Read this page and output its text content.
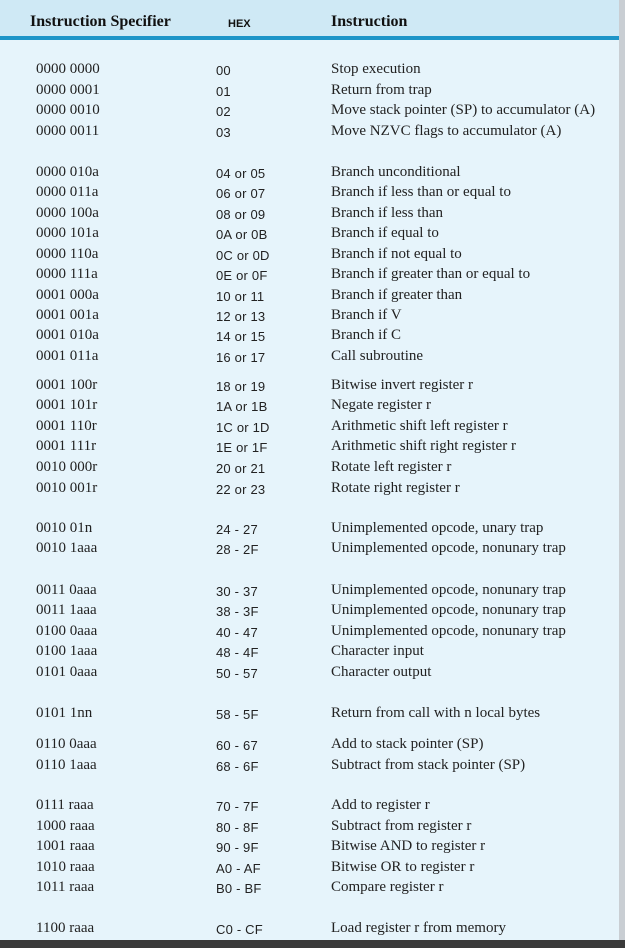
Instruction Specifier	HEX	Instruction
0000 0000	00	Stop execution
0000 0001	01	Return from trap
0000 0010	02	Move stack pointer (SP) to accumulator (A)
0000 0011	03	Move NZVC flags to accumulator (A)
0000 010a	04 or 05	Branch unconditional
0000 011a	06 or 07	Branch if less than or equal to
0000 100a	08 or 09	Branch if less than
0000 101a	0A or 0B	Branch if equal to
0000 110a	0C or 0D	Branch if not equal to
0000 111a	0E or 0F	Branch if greater than or equal to
0001 000a	10 or 11	Branch if greater than
0001 001a	12 or 13	Branch if V
0001 010a	14 or 15	Branch if C
0001 011a	16 or 17	Call subroutine
0001 100r	18 or 19	Bitwise invert register r
0001 101r	1A or 1B	Negate register r
0001 110r	1C or 1D	Arithmetic shift left register r
0001 111r	1E or 1F	Arithmetic shift right register r
0010 000r	20 or 21	Rotate left register r
0010 001r	22 or 23	Rotate right register r
0010 01n	24 - 27	Unimplemented opcode, unary trap
0010 1aaa	28 - 2F	Unimplemented opcode, nonunary trap
0011 0aaa	30 - 37	Unimplemented opcode, nonunary trap
0011 1aaa	38 - 3F	Unimplemented opcode, nonunary trap
0100 0aaa	40 - 47	Unimplemented opcode, nonunary trap
0100 1aaa	48 - 4F	Character input
0101 0aaa	50 - 57	Character output
0101 1nn	58 - 5F	Return from call with n local bytes
0110 0aaa	60 - 67	Add to stack pointer (SP)
0110 1aaa	68 - 6F	Subtract from stack pointer (SP)
0111 raaa	70 - 7F	Add to register r
1000 raaa	80 - 8F	Subtract from register r
1001 raaa	90 - 9F	Bitwise AND to register r
1010 raaa	A0 - AF	Bitwise OR to register r
1011 raaa	B0 - BF	Compare register r
1100 raaa	C0 - CF	Load register r from memory
